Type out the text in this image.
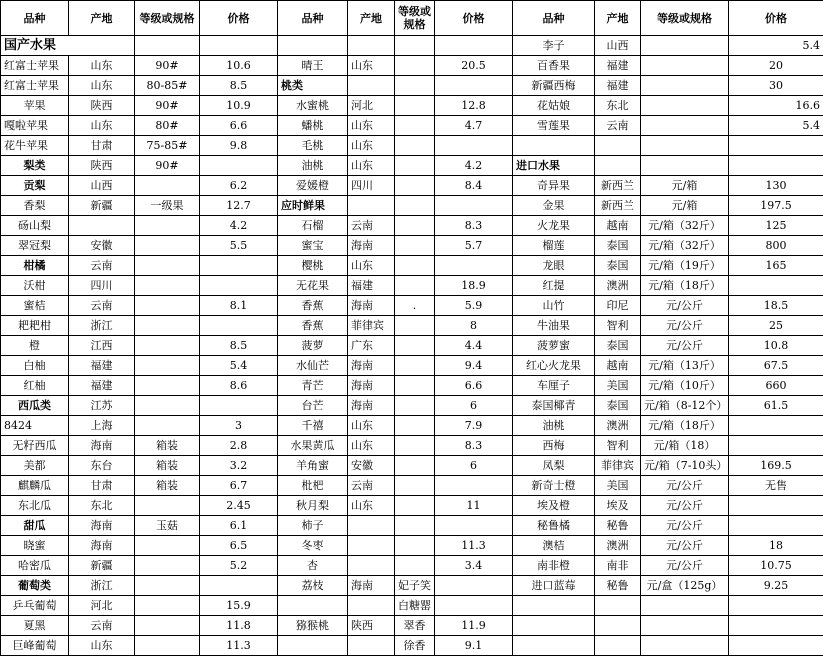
品种	产地	等级或规格	价格	品种	产地	等级或规格	价格	品种	产地	等级或规格	价格
国产水果								李子	山西		5.4
红富士苹果	山东	90#	10.6	晴王	山东		20.5	百香果	福建		20
红富士苹果	山东	80-85#	8.5	桃类				新疆西梅	福建		30
苹果	陕西	90#	10.9	水蜜桃	河北		12.8	花姑娘	东北		16.6
嘎啦苹果	山东	80#	6.6	蟠桃	山东		4.7	雪莲果	云南		5.4
花牛苹果	甘肃	75-85#	9.8	毛桃	山东						
梨类	陕西	90#		油桃	山东		4.2	进口水果			
贡梨	山西		6.2	爱媛橙	四川		8.4	奇异果	新西兰	元/箱	130
香梨	新疆	一级果	12.7	应时鲜果				金果	新西兰	元/箱	197.5
砀山梨			4.2	石榴	云南		8.3	火龙果	越南	元/箱（32斤）	125
翠冠梨	安徽		5.5	蜜宝	海南		5.7	榴莲	泰国	元/箱（32斤）	800
柑橘	云南			樱桃	山东			龙眼	泰国	元/箱（19斤）	165
沃柑	四川			无花果	福建		18.9	红提	澳洲	元/箱（18斤）	
蜜桔	云南		8.1	香蕉	海南	.	5.9	山竹	印尼	元/公斤	18.5
耙耙柑	浙江			香蕉	菲律宾		8	牛油果	智利	元/公斤	25
橙	江西		8.5	菠萝	广东		4.4	菠萝蜜	泰国	元/公斤	10.8
白柚	福建		5.4	水仙芒	海南		9.4	红心火龙果	越南	元/箱（13斤）	67.5
红柚	福建		8.6	青芒	海南		6.6	车厘子	美国	元/箱（10斤）	660
西瓜类	江苏			台芒	海南		6	泰国椰青	泰国	元/箱（8-12个）	61.5
8424	上海		3	千禧	山东		7.9	油桃	澳洲	元/箱（18斤）	
无籽西瓜	海南	箱装	2.8	水果黄瓜	山东		8.3	西梅	智利	元/箱（18）	
美都	东台	箱装	3.2	羊角蜜	安徽		6	凤梨	菲律宾	元/箱（7-10头）	169.5
麒麟瓜	甘肃	箱装	6.7	枇杷	云南			新奇士橙	美国	元/公斤	无售
东北瓜	东北		2.45	秋月梨	山东		11	埃及橙	埃及	元/公斤	
甜瓜	海南	玉菇	6.1	柿子				秘鲁橘	秘鲁	元/公斤	
晓蜜	海南		6.5	冬枣			11.3	澳桔	澳洲	元/公斤	18
哈密瓜	新疆		5.2	杏			3.4	南非橙	南非	元/公斤	10.75
葡萄类	浙江			荔枝	海南	妃子笑		进口蓝莓	秘鲁	元/盒（125g）	9.25
乒乓葡萄	河北		15.9			白糖罂					
夏黑	云南		11.8	猕猴桃	陕西	翠香	11.9				
巨峰葡萄	山东		11.3			徐香	9.1				
